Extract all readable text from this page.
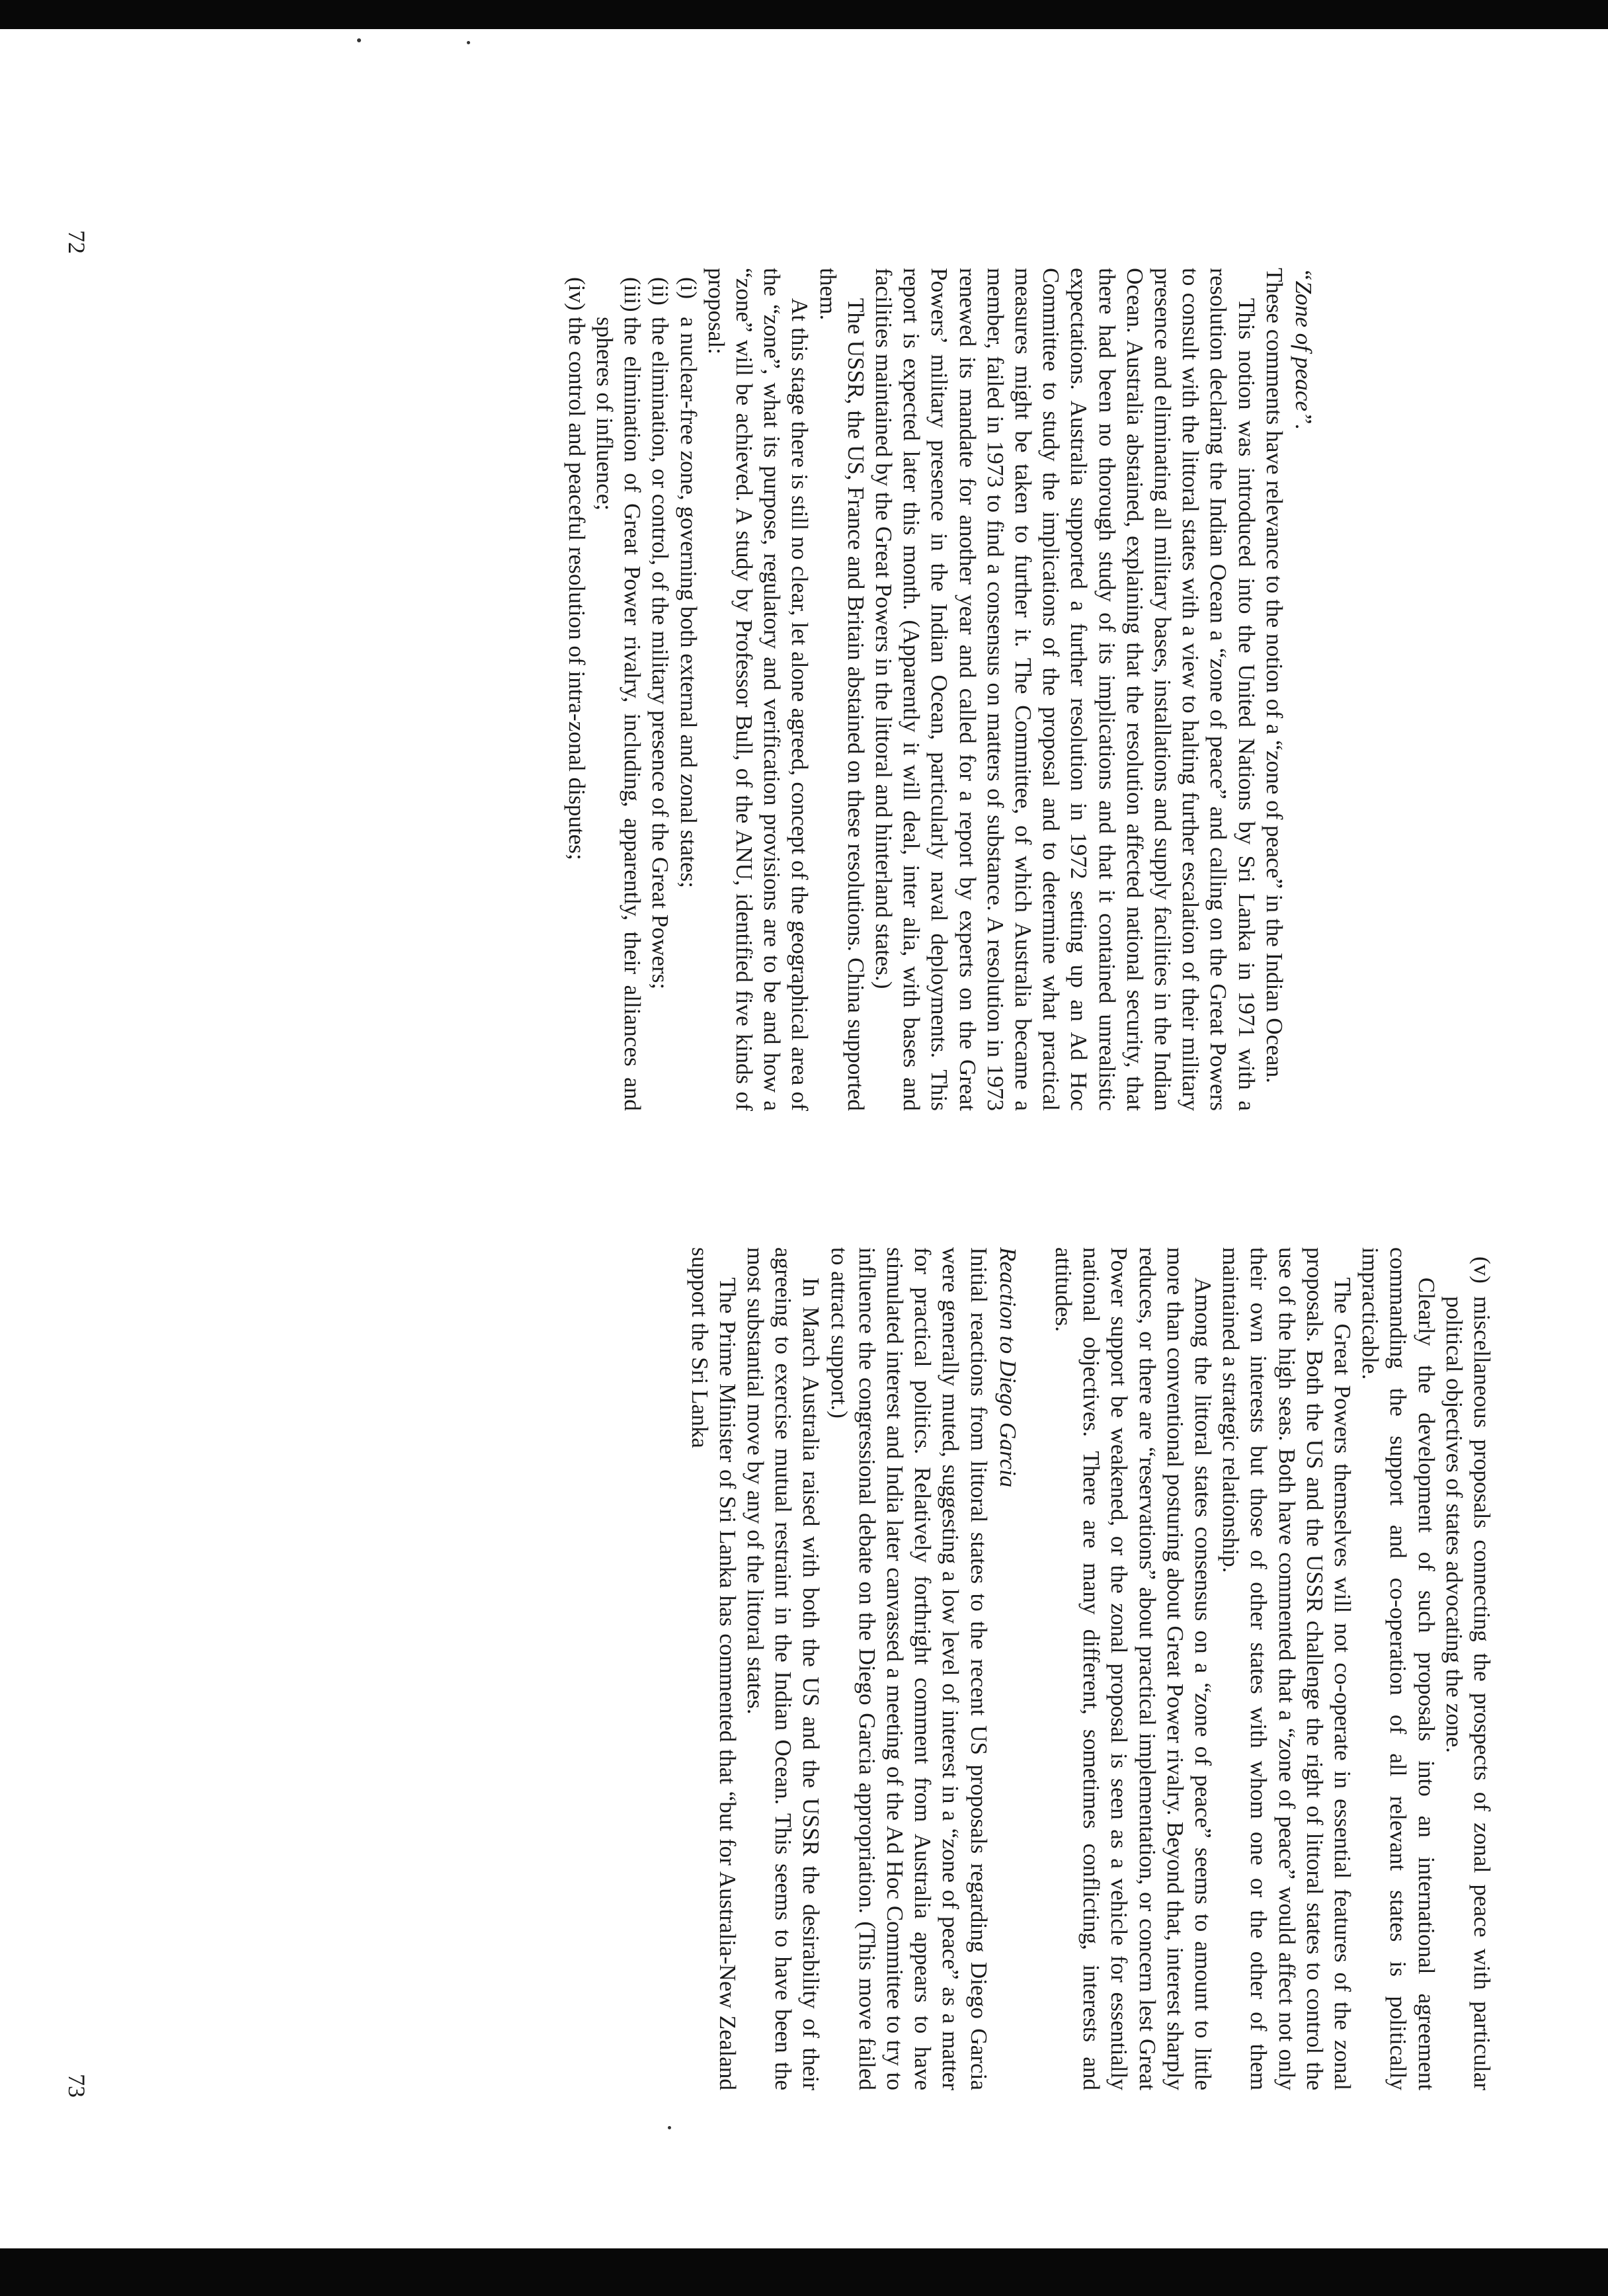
“Zone of peace”.

These comments have relevance to the notion of a “zone of peace” in the Indian Ocean.

This notion was introduced into the United Nations by Sri Lanka in 1971 with a resolution declaring the Indian Ocean a “zone of peace” and calling on the Great Powers to consult with the littoral states with a view to halting further escalation of their military presence and eliminating all military bases, installations and supply facilities in the Indian Ocean. Australia abstained, explaining that the resolution affected national security, that there had been no thorough study of its implications and that it contained unrealistic expectations. Australia supported a further resolution in 1972 setting up an Ad Hoc Committee to study the implications of the proposal and to determine what practical measures might be taken to further it. The Committee, of which Australia became a member, failed in 1973 to find a consensus on matters of substance. A resolution in 1973 renewed its mandate for another year and called for a report by experts on the Great Powers’ military presence in the Indian Ocean, particularly naval deployments. This report is expected later this month. (Apparently it will deal, inter alia, with bases and facilities maintained by the Great Powers in the littoral and hinterland states.)

The USSR, the US, France and Britain abstained on these resolutions. China supported them.

At this stage there is still no clear, let alone agreed, concept of the geographical area of the “zone”, what its purpose, regulatory and verification provisions are to be and how a “zone” will be achieved. A study by Professor Bull, of the ANU, identified five kinds of proposal:

(i)
a nuclear-free zone, governing both external and zonal states;
(ii)
the elimination, or control, of the military presence of the Great Powers;
(iii)
the elimination of Great Power rivalry, including, apparently, their alliances and spheres of influence;
(iv)
the control and peaceful resolution of intra-zonal disputes;
72
(v)
miscellaneous proposals connecting the prospects of zonal peace with particular political objectives of states advocating the zone.

Clearly the development of such proposals into an international agreement commanding the support and co-operation of all relevant states is politically impracticable.

The Great Powers themselves will not co-operate in essential features of the zonal proposals. Both the US and the USSR challenge the right of littoral states to control the use of the high seas. Both have commented that a “zone of peace” would affect not only their own interests but those of other states with whom one or the other of them maintained a strategic relationship.

Among the littoral states consensus on a “zone of peace” seems to amount to little more than conventional posturing about Great Power rivalry. Beyond that, interest sharply reduces, or there are “reservations” about practical implementation, or concern lest Great Power support be weakened, or the zonal proposal is seen as a vehicle for essentially national objectives. There are many different, sometimes conflicting, interests and attitudes.

Reaction to Diego Garcia

Initial reactions from littoral states to the recent US proposals regarding Diego Garcia were generally muted, suggesting a low level of interest in a “zone of peace” as a matter for practical politics. Relatively forthright comment from Australia appears to have stimulated interest and India later canvassed a meeting of the Ad Hoc Committee to try to influence the congressional debate on the Diego Garcia appropriation. (This move failed to attract support.)

In March Australia raised with both the US and the USSR the desirability of their agreeing to exercise mutual restraint in the Indian Ocean. This seems to have been the most substantial move by any of the littoral states.

The Prime Minister of Sri Lanka has commented that “but for Australia-New Zealand support the Sri Lanka

73
